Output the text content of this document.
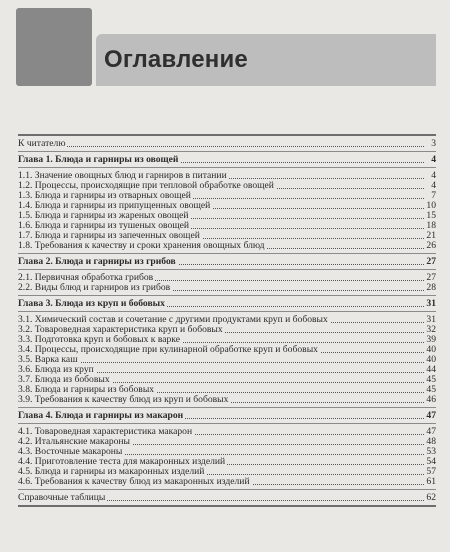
Оглавление
К читателю	3
Глава 1. Блюда и гарниры из овощей	4
1.1. Значение овощных блюд и гарниров в питании	4
1.2. Процессы, происходящие при тепловой обработке овощей	4
1.3. Блюда и гарниры из отварных овощей	7
1.4. Блюда и гарниры из припущенных овощей	10
1.5. Блюда и гарниры из жареных овощей	15
1.6. Блюда и гарниры из тушеных овощей	18
1.7. Блюда и гарниры из запеченных овощей	21
1.8. Требования к качеству и сроки хранения овощных блюд	26
Глава 2. Блюда и гарниры из грибов	27
2.1. Первичная обработка грибов	27
2.2. Виды блюд и гарниров из грибов	28
Глава 3. Блюда из круп и бобовых	31
3.1. Химический состав и сочетание с другими продуктами круп и бобовых	31
3.2. Товароведная характеристика круп и бобовых	32
3.3. Подготовка круп и бобовых к варке	39
3.4. Процессы, происходящие при кулинарной обработке круп и бобовых	40
3.5. Варка каш	40
3.6. Блюда из круп	44
3.7. Блюда из бобовых	45
3.8. Блюда и гарниры из бобовых	45
3.9. Требования к качеству блюд из круп и бобовых	46
Глава 4. Блюда и гарниры из макарон	47
4.1. Товароведная характеристика макарон	47
4.2. Итальянские макароны	48
4.3. Восточные макароны	53
4.4. Приготовление теста для макаронных изделий	54
4.5. Блюда и гарниры из макаронных изделий	57
4.6. Требования к качеству блюд из макаронных изделий	61
Справочные таблицы	62
